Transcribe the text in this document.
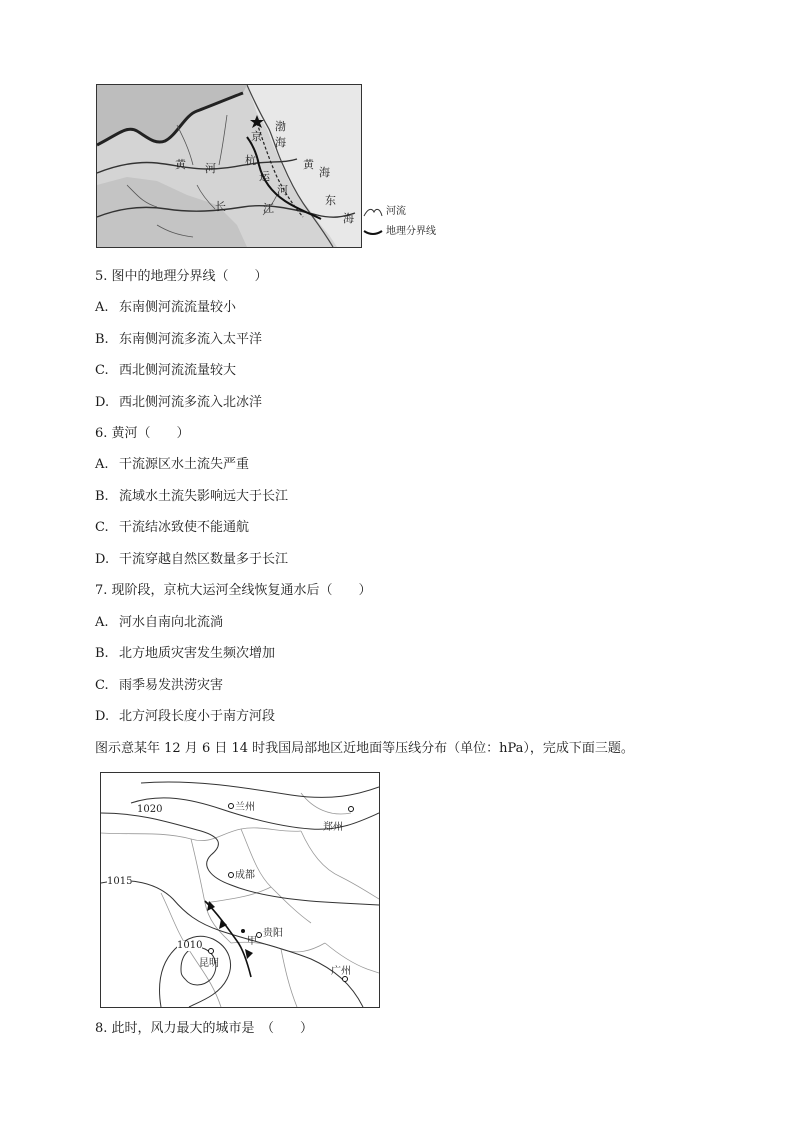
京
渤
海
黄
海
黄 河
杭
运
河
长	江
东
海
河流
地理分界线
5. 图中的地理分界线（　　）
A. 东南侧河流流量较小
B. 东南侧河流多流入太平洋
C. 西北侧河流流量较大
D. 西北侧河流多流入北冰洋
6. 黄河（　　）
A. 干流源区水土流失严重
B. 流域水土流失影响远大于长江
C. 干流结冰致使不能通航
D. 干流穿越自然区数量多于长江
7. 现阶段，京杭大运河全线恢复通水后（　　）
A. 河水自南向北流淌
B. 北方地质灾害发生频次增加
C. 雨季易发洪涝灾害
D. 北方河段长度小于南方河段
图示意某年 12 月 6 日 14 时我国局部地区近地面等压线分布（单位：hPa），完成下面三题。
兰州
郑州
成都
贵阳
昆明
广州
甲
1020
1015
1010
8. 此时，风力最大的城市是　（　　）
